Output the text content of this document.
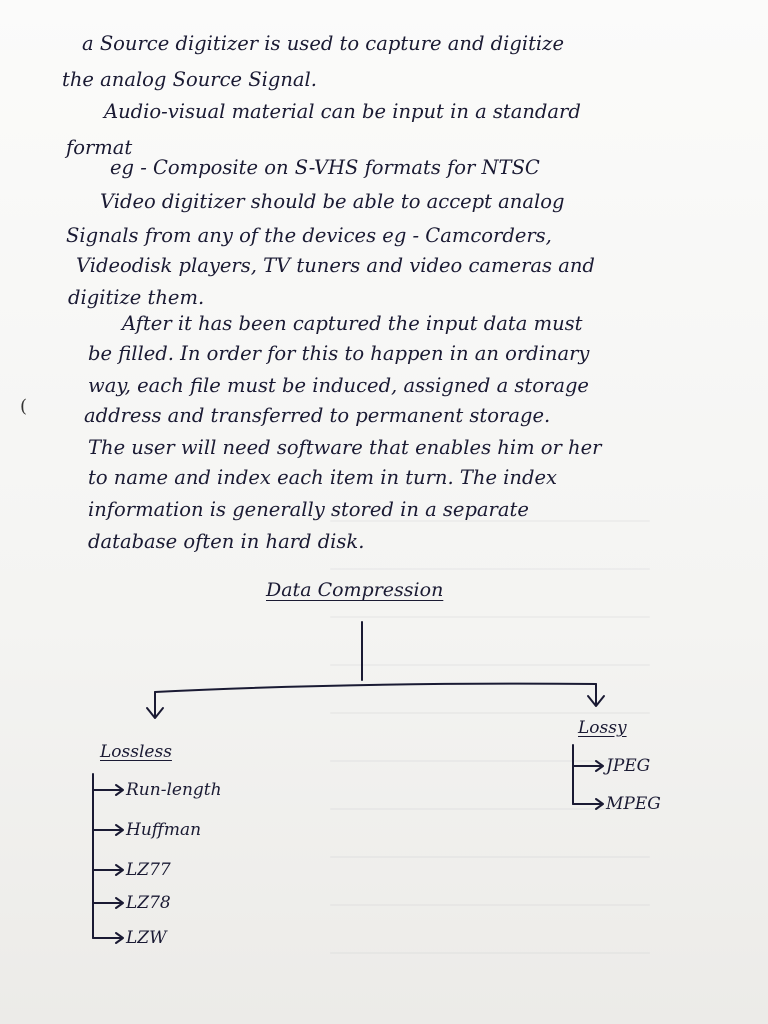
(

a Source digitizer is used to capture and digitize

the analog Source Signal.

Audio-visual material can be input in a standard

format

eg - Composite on S-VHS formats for NTSC

Video digitizer should be able to accept analog

Signals from any of the devices eg - Camcorders,

Videodisk players, TV tuners and video cameras and

digitize them.

After it has been captured the input data must

be filled. In order for this to happen in an ordinary

way, each file must be induced, assigned a storage

address and transferred to permanent storage.

The user will need software that enables him or her

to name and index each item in turn. The index

information is generally stored in a separate

database often in hard disk.

Data Compression
Lossless
Run-length
Huffman
LZ77
LZ78
LZW
Lossy
JPEG
MPEG
